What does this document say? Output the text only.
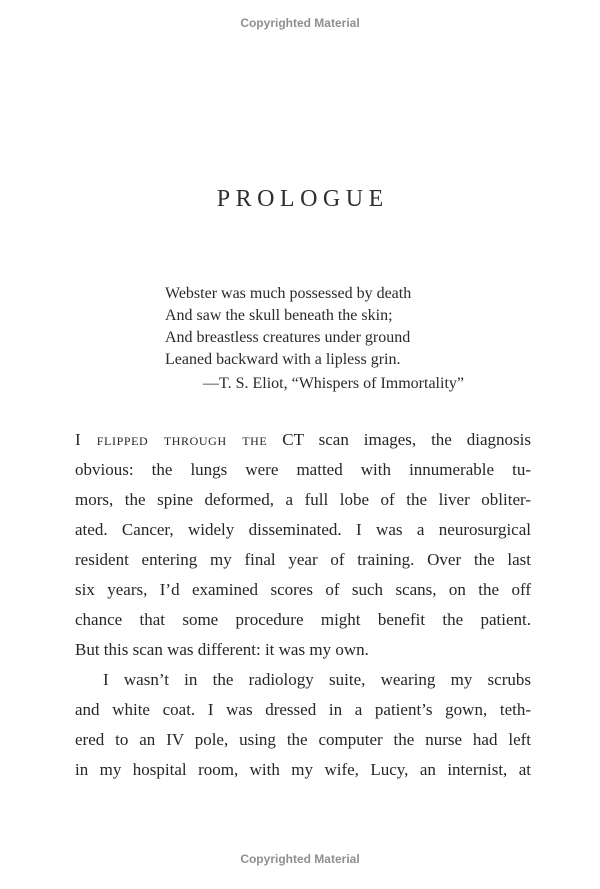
Copyrighted Material
PROLOGUE
Webster was much possessed by death
And saw the skull beneath the skin;
And breastless creatures under ground
Leaned backward with a lipless grin.
—T. S. Eliot, “Whispers of Immortality”
I flipped through the CT scan images, the diagnosis
obvious: the lungs were matted with innumerable tu-
mors, the spine deformed, a full lobe of the liver obliter-
ated. Cancer, widely disseminated. I was a neurosurgical
resident entering my final year of training. Over the last
six years, I’d examined scores of such scans, on the off
chance that some procedure might benefit the patient.
But this scan was different: it was my own.
I wasn’t in the radiology suite, wearing my scrubs
and white coat. I was dressed in a patient’s gown, teth-
ered to an IV pole, using the computer the nurse had left
in my hospital room, with my wife, Lucy, an internist, at
Copyrighted Material
